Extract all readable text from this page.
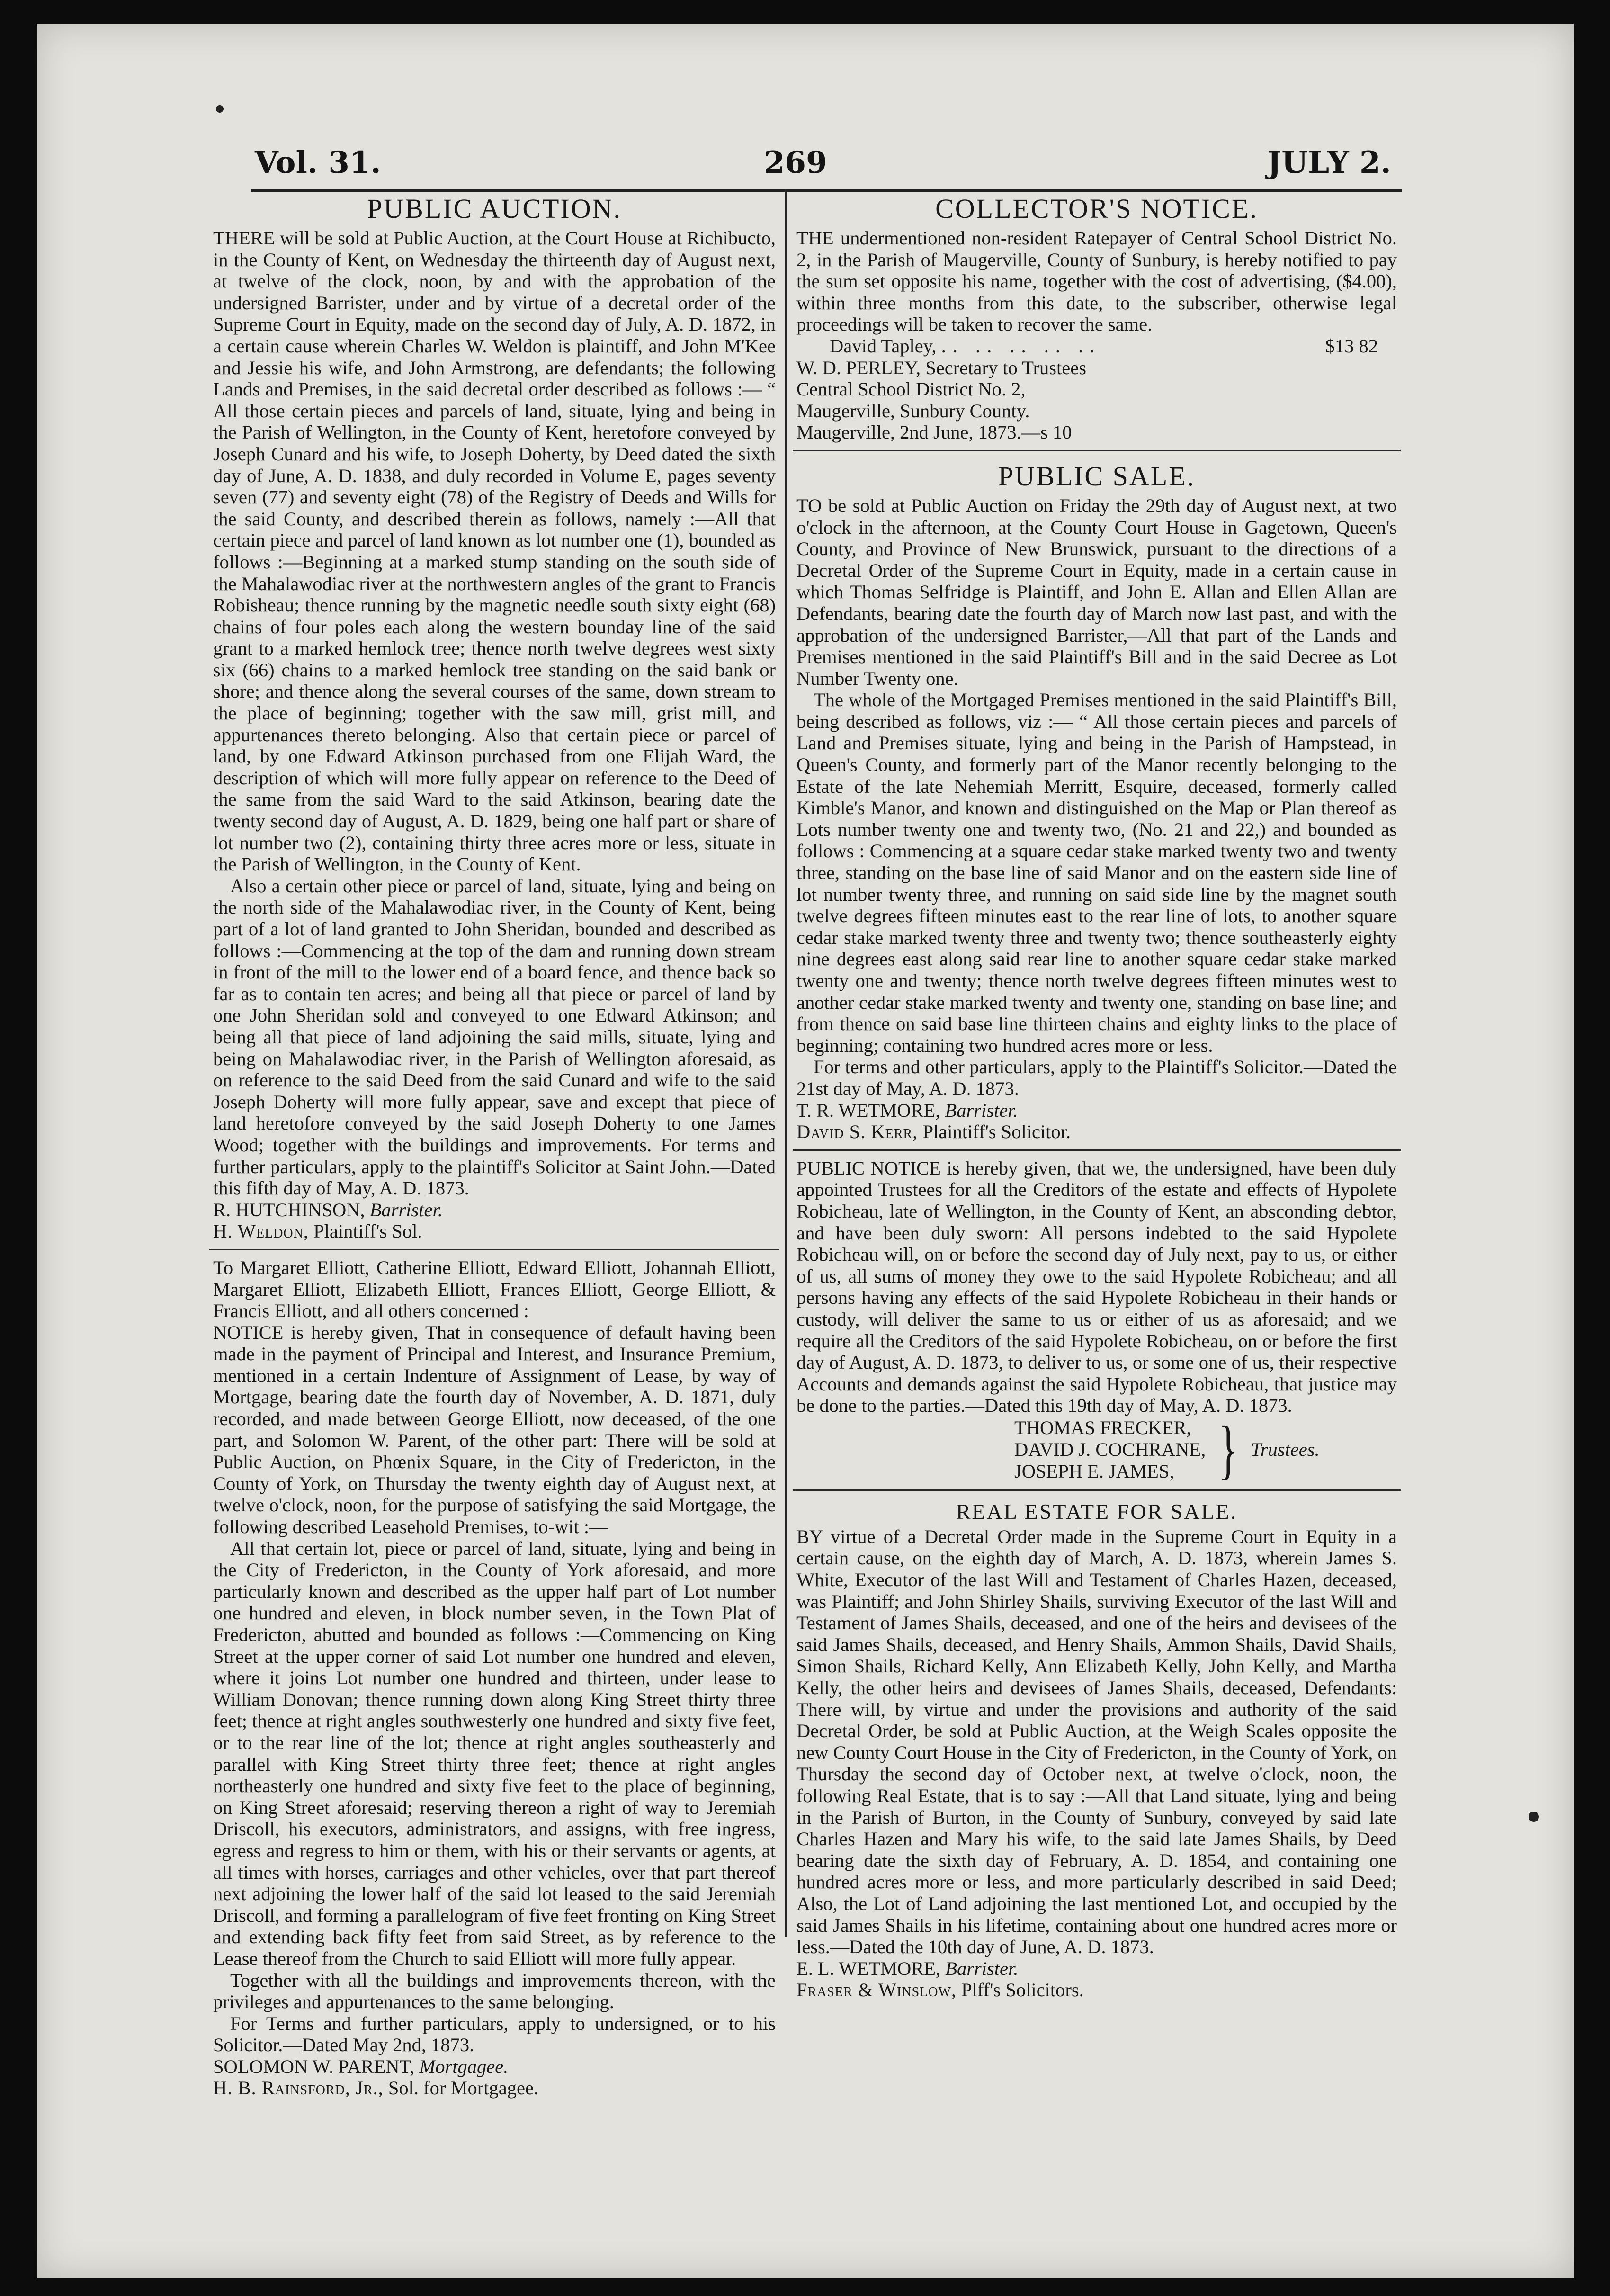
Vol. 31.	269	JULY 2.
PUBLIC AUCTION.

THERE will be sold at Public Auction, at the Court House at Richibucto, in the County of Kent, on Wednesday the thirteenth day of August next, at twelve of the clock, noon, by and with the approbation of the undersigned Barrister, under and by virtue of a decretal order of the Supreme Court in Equity, made on the second day of July, A. D. 1872, in a certain cause wherein Charles W. Weldon is plaintiff, and John M'Kee and Jessie his wife, and John Armstrong, are defendants; the following Lands and Premises, in the said decretal order described as follows :— “ All those certain pieces and parcels of land, situate, lying and being in the Parish of Wellington, in the County of Kent, heretofore conveyed by Joseph Cunard and his wife, to Joseph Doherty, by Deed dated the sixth day of June, A. D. 1838, and duly recorded in Volume E, pages seventy seven (77) and seventy eight (78) of the Registry of Deeds and Wills for the said County, and described therein as follows, namely :—All that certain piece and parcel of land known as lot number one (1), bounded as follows :—Beginning at a marked stump standing on the south side of the Mahalawodiac river at the northwestern angles of the grant to Francis Robisheau; thence running by the magnetic needle south sixty eight (68) chains of four poles each along the western bounday line of the said grant to a marked hemlock tree; thence north twelve degrees west sixty six (66) chains to a marked hemlock tree standing on the said bank or shore; and thence along the several courses of the same, down stream to the place of beginning; together with the saw mill, grist mill, and appurtenances thereto belonging. Also that certain piece or parcel of land, by one Edward Atkinson purchased from one Elijah Ward, the description of which will more fully appear on reference to the Deed of the same from the said Ward to the said Atkinson, bearing date the twenty second day of August, A. D. 1829, being one half part or share of lot number two (2), containing thirty three acres more or less, situate in the Parish of Wellington, in the County of Kent.

Also a certain other piece or parcel of land, situate, lying and being on the north side of the Mahalawodiac river, in the County of Kent, being part of a lot of land granted to John Sheridan, bounded and described as follows :—Commencing at the top of the dam and running down stream in front of the mill to the lower end of a board fence, and thence back so far as to contain ten acres; and being all that piece or parcel of land by one John Sheridan sold and conveyed to one Edward Atkinson; and being all that piece of land adjoining the said mills, situate, lying and being on Mahalawodiac river, in the Parish of Wellington aforesaid, as on reference to the said Deed from the said Cunard and wife to the said Joseph Doherty will more fully appear, save and except that piece of land heretofore conveyed by the said Joseph Doherty to one James Wood; together with the buildings and improvements. For terms and further particulars, apply to the plaintiff's Solicitor at Saint John.—Dated this fifth day of May, A. D. 1873.

R. HUTCHINSON, Barrister.

H. Weldon, Plaintiff's Sol.

To Margaret Elliott, Catherine Elliott, Edward Elliott, Johannah Elliott, Margaret Elliott, Elizabeth Elliott, Frances Elliott, George Elliott, & Francis Elliott, and all others concerned :

NOTICE is hereby given, That in consequence of default having been made in the payment of Principal and Interest, and Insurance Premium, mentioned in a certain Indenture of Assignment of Lease, by way of Mortgage, bearing date the fourth day of November, A. D. 1871, duly recorded, and made between George Elliott, now deceased, of the one part, and Solomon W. Parent, of the other part: There will be sold at Public Auction, on Phœnix Square, in the City of Fredericton, in the County of York, on Thursday the twenty eighth day of August next, at twelve o'clock, noon, for the purpose of satisfying the said Mortgage, the following described Leasehold Premises, to-wit :—

All that certain lot, piece or parcel of land, situate, lying and being in the City of Fredericton, in the County of York aforesaid, and more particularly known and described as the upper half part of Lot number one hundred and eleven, in block number seven, in the Town Plat of Fredericton, abutted and bounded as follows :—Commencing on King Street at the upper corner of said Lot number one hundred and eleven, where it joins Lot number one hundred and thirteen, under lease to William Donovan; thence running down along King Street thirty three feet; thence at right angles southwesterly one hundred and sixty five feet, or to the rear line of the lot; thence at right angles southeasterly and parallel with King Street thirty three feet; thence at right angles northeasterly one hundred and sixty five feet to the place of beginning, on King Street aforesaid; reserving thereon a right of way to Jeremiah Driscoll, his executors, administrators, and assigns, with free ingress, egress and regress to him or them, with his or their servants or agents, at all times with horses, carriages and other vehicles, over that part thereof next adjoining the lower half of the said lot leased to the said Jeremiah Driscoll, and forming a parallelogram of five feet fronting on King Street and extending back fifty feet from said Street, as by reference to the Lease thereof from the Church to said Elliott will more fully appear.

Together with all the buildings and improvements thereon, with the privileges and appurtenances to the same belonging.

For Terms and further particulars, apply to undersigned, or to his Solicitor.—Dated May 2nd, 1873.

SOLOMON W. PARENT, Mortgagee.

H. B. Rainsford, Jr., Sol. for Mortgagee.

COLLECTOR'S NOTICE.

THE undermentioned non-resident Ratepayer of Central School District No. 2, in the Parish of Maugerville, County of Sunbury, is hereby notified to pay the sum set opposite his name, together with the cost of advertising, ($4.00), within three months from this date, to the subscriber, otherwise legal proceedings will be taken to recover the same.

David Tapley, .. .. .. .. ..	$13 82

W. D. PERLEY, Secretary to Trustees

Central School District No. 2,

Maugerville, Sunbury County.

Maugerville, 2nd June, 1873.—s 10

PUBLIC SALE.

TO be sold at Public Auction on Friday the 29th day of August next, at two o'clock in the afternoon, at the County Court House in Gagetown, Queen's County, and Province of New Brunswick, pursuant to the directions of a Decretal Order of the Supreme Court in Equity, made in a certain cause in which Thomas Selfridge is Plaintiff, and John E. Allan and Ellen Allan are Defendants, bearing date the fourth day of March now last past, and with the approbation of the undersigned Barrister,—All that part of the Lands and Premises mentioned in the said Plaintiff's Bill and in the said Decree as Lot Number Twenty one.

The whole of the Mortgaged Premises mentioned in the said Plaintiff's Bill, being described as follows, viz :— “ All those certain pieces and parcels of Land and Premises situate, lying and being in the Parish of Hampstead, in Queen's County, and formerly part of the Manor recently belonging to the Estate of the late Nehemiah Merritt, Esquire, deceased, formerly called Kimble's Manor, and known and distinguished on the Map or Plan thereof as Lots number twenty one and twenty two, (No. 21 and 22,) and bounded as follows : Commencing at a square cedar stake marked twenty two and twenty three, standing on the base line of said Manor and on the eastern side line of lot number twenty three, and running on said side line by the magnet south twelve degrees fifteen minutes east to the rear line of lots, to another square cedar stake marked twenty three and twenty two; thence southeasterly eighty nine degrees east along said rear line to another square cedar stake marked twenty one and twenty; thence north twelve degrees fifteen minutes west to another cedar stake marked twenty and twenty one, standing on base line; and from thence on said base line thirteen chains and eighty links to the place of beginning; containing two hundred acres more or less.

For terms and other particulars, apply to the Plaintiff's Solicitor.—Dated the 21st day of May, A. D. 1873.

T. R. WETMORE, Barrister.

David S. Kerr, Plaintiff's Solicitor.

PUBLIC NOTICE is hereby given, that we, the undersigned, have been duly appointed Trustees for all the Creditors of the estate and effects of Hypolete Robicheau, late of Wellington, in the County of Kent, an absconding debtor, and have been duly sworn: All persons indebted to the said Hypolete Robicheau will, on or before the second day of July next, pay to us, or either of us, all sums of money they owe to the said Hypolete Robicheau; and all persons having any effects of the said Hypolete Robicheau in their hands or custody, will deliver the same to us or either of us as aforesaid; and we require all the Creditors of the said Hypolete Robicheau, on or before the first day of August, A. D. 1873, to deliver to us, or some one of us, their respective Accounts and demands against the said Hypolete Robicheau, that justice may be done to the parties.—Dated this 19th day of May, A. D. 1873.

THOMAS FRECKER,
DAVID J. COCHRANE,
JOSEPH E. JAMES, } Trustees.
REAL ESTATE FOR SALE.

BY virtue of a Decretal Order made in the Supreme Court in Equity in a certain cause, on the eighth day of March, A. D. 1873, wherein James S. White, Executor of the last Will and Testament of Charles Hazen, deceased, was Plaintiff; and John Shirley Shails, surviving Executor of the last Will and Testament of James Shails, deceased, and one of the heirs and devisees of the said James Shails, deceased, and Henry Shails, Ammon Shails, David Shails, Simon Shails, Richard Kelly, Ann Elizabeth Kelly, John Kelly, and Martha Kelly, the other heirs and devisees of James Shails, deceased, Defendants: There will, by virtue and under the provisions and authority of the said Decretal Order, be sold at Public Auction, at the Weigh Scales opposite the new County Court House in the City of Fredericton, in the County of York, on Thursday the second day of October next, at twelve o'clock, noon, the following Real Estate, that is to say :—All that Land situate, lying and being in the Parish of Burton, in the County of Sunbury, conveyed by said late Charles Hazen and Mary his wife, to the said late James Shails, by Deed bearing date the sixth day of February, A. D. 1854, and containing one hundred acres more or less, and more particularly described in said Deed; Also, the Lot of Land adjoining the last mentioned Lot, and occupied by the said James Shails in his lifetime, containing about one hundred acres more or less.—Dated the 10th day of June, A. D. 1873.

E. L. WETMORE, Barrister.

Fraser & Winslow, Plff's Solicitors.
